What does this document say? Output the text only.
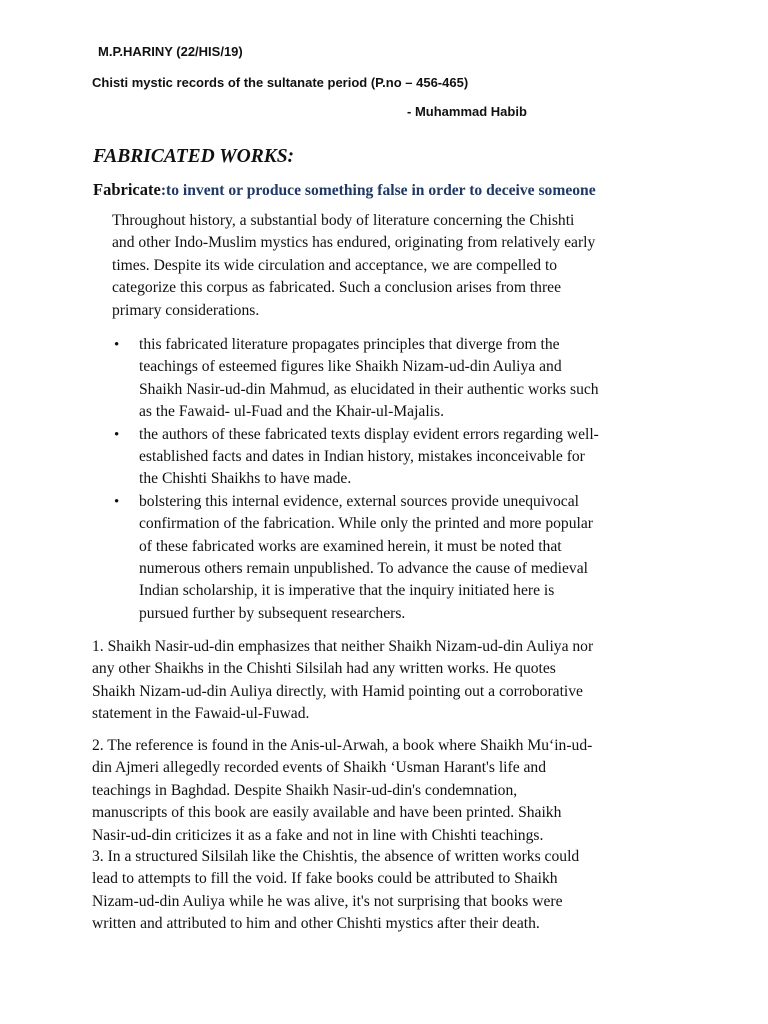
M.P.HARINY (22/HIS/19)
Chisti mystic records of the sultanate period (P.no – 456-465)
- Muhammad Habib
FABRICATED WORKS:
Fabricate:to invent or produce something false in order to deceive someone

Throughout history, a substantial body of literature concerning the Chishti
and other Indo-Muslim mystics has endured, originating from relatively early
times. Despite its wide circulation and acceptance, we are compelled to
categorize this corpus as fabricated. Such a conclusion arises from three
primary considerations.

• this fabricated literature propagates principles that diverge from the
teachings of esteemed figures like Shaikh Nizam-ud-din Auliya and
Shaikh Nasir-ud-din Mahmud, as elucidated in their authentic works such
as the Fawaid- ul-Fuad and the Khair-ul-Majalis.
• the authors of these fabricated texts display evident errors regarding well-
established facts and dates in Indian history, mistakes inconceivable for
the Chishti Shaikhs to have made.
• bolstering this internal evidence, external sources provide unequivocal
confirmation of the fabrication. While only the printed and more popular
of these fabricated works are examined herein, it must be noted that
numerous others remain unpublished. To advance the cause of medieval
Indian scholarship, it is imperative that the inquiry initiated here is
pursued further by subsequent researchers.

1. Shaikh Nasir-ud-din emphasizes that neither Shaikh Nizam-ud-din Auliya nor
any other Shaikhs in the Chishti Silsilah had any written works. He quotes
Shaikh Nizam-ud-din Auliya directly, with Hamid pointing out a corroborative
statement in the Fawaid-ul-Fuwad.

2. The reference is found in the Anis-ul-Arwah, a book where Shaikh Mu‘in-ud-
din Ajmeri allegedly recorded events of Shaikh ‘Usman Harant's life and
teachings in Baghdad. Despite Shaikh Nasir-ud-din's condemnation,
manuscripts of this book are easily available and have been printed. Shaikh
Nasir-ud-din criticizes it as a fake and not in line with Chishti teachings.

3. In a structured Silsilah like the Chishtis, the absence of written works could
lead to attempts to fill the void. If fake books could be attributed to Shaikh
Nizam-ud-din Auliya while he was alive, it's not surprising that books were
written and attributed to him and other Chishti mystics after their death.
